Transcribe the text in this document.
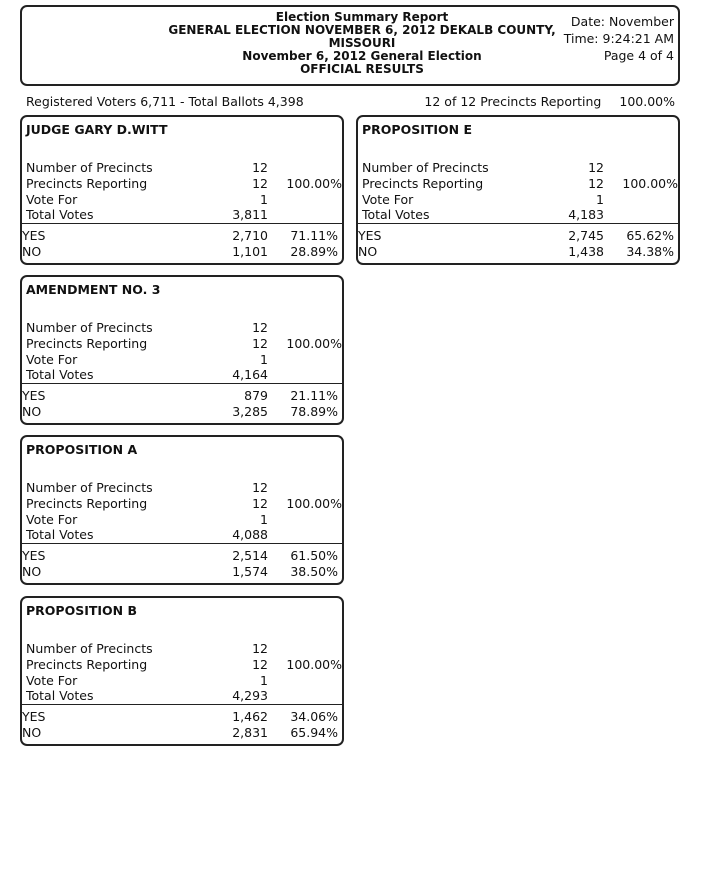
Election Summary Report
GENERAL ELECTION NOVEMBER 6, 2012 DEKALB COUNTY,
MISSOURI
November 6, 2012 General Election
OFFICIAL RESULTS
Date: November
Time: 9:24:21 AM
Page 4 of 4
Registered Voters 6,711 - Total Ballots 4,398	12 of 12 Precincts Reporting 100.00%
JUDGE GARY D.WITT
Number of Precincts	12
Precincts Reporting	12 100.00%
Vote For	1
Total Votes	3,811
YES	2,710 71.11%
NO	1,101 28.89%
PROPOSITION E
Number of Precincts	12
Precincts Reporting	12 100.00%
Vote For	1
Total Votes	4,183
YES	2,745 65.62%
NO	1,438 34.38%
AMENDMENT NO. 3
Number of Precincts	12
Precincts Reporting	12 100.00%
Vote For	1
Total Votes	4,164
YES	879 21.11%
NO	3,285 78.89%
PROPOSITION A
Number of Precincts	12
Precincts Reporting	12 100.00%
Vote For	1
Total Votes	4,088
YES	2,514 61.50%
NO	1,574 38.50%
PROPOSITION B
Number of Precincts	12
Precincts Reporting	12 100.00%
Vote For	1
Total Votes	4,293
YES	1,462 34.06%
NO	2,831 65.94%
